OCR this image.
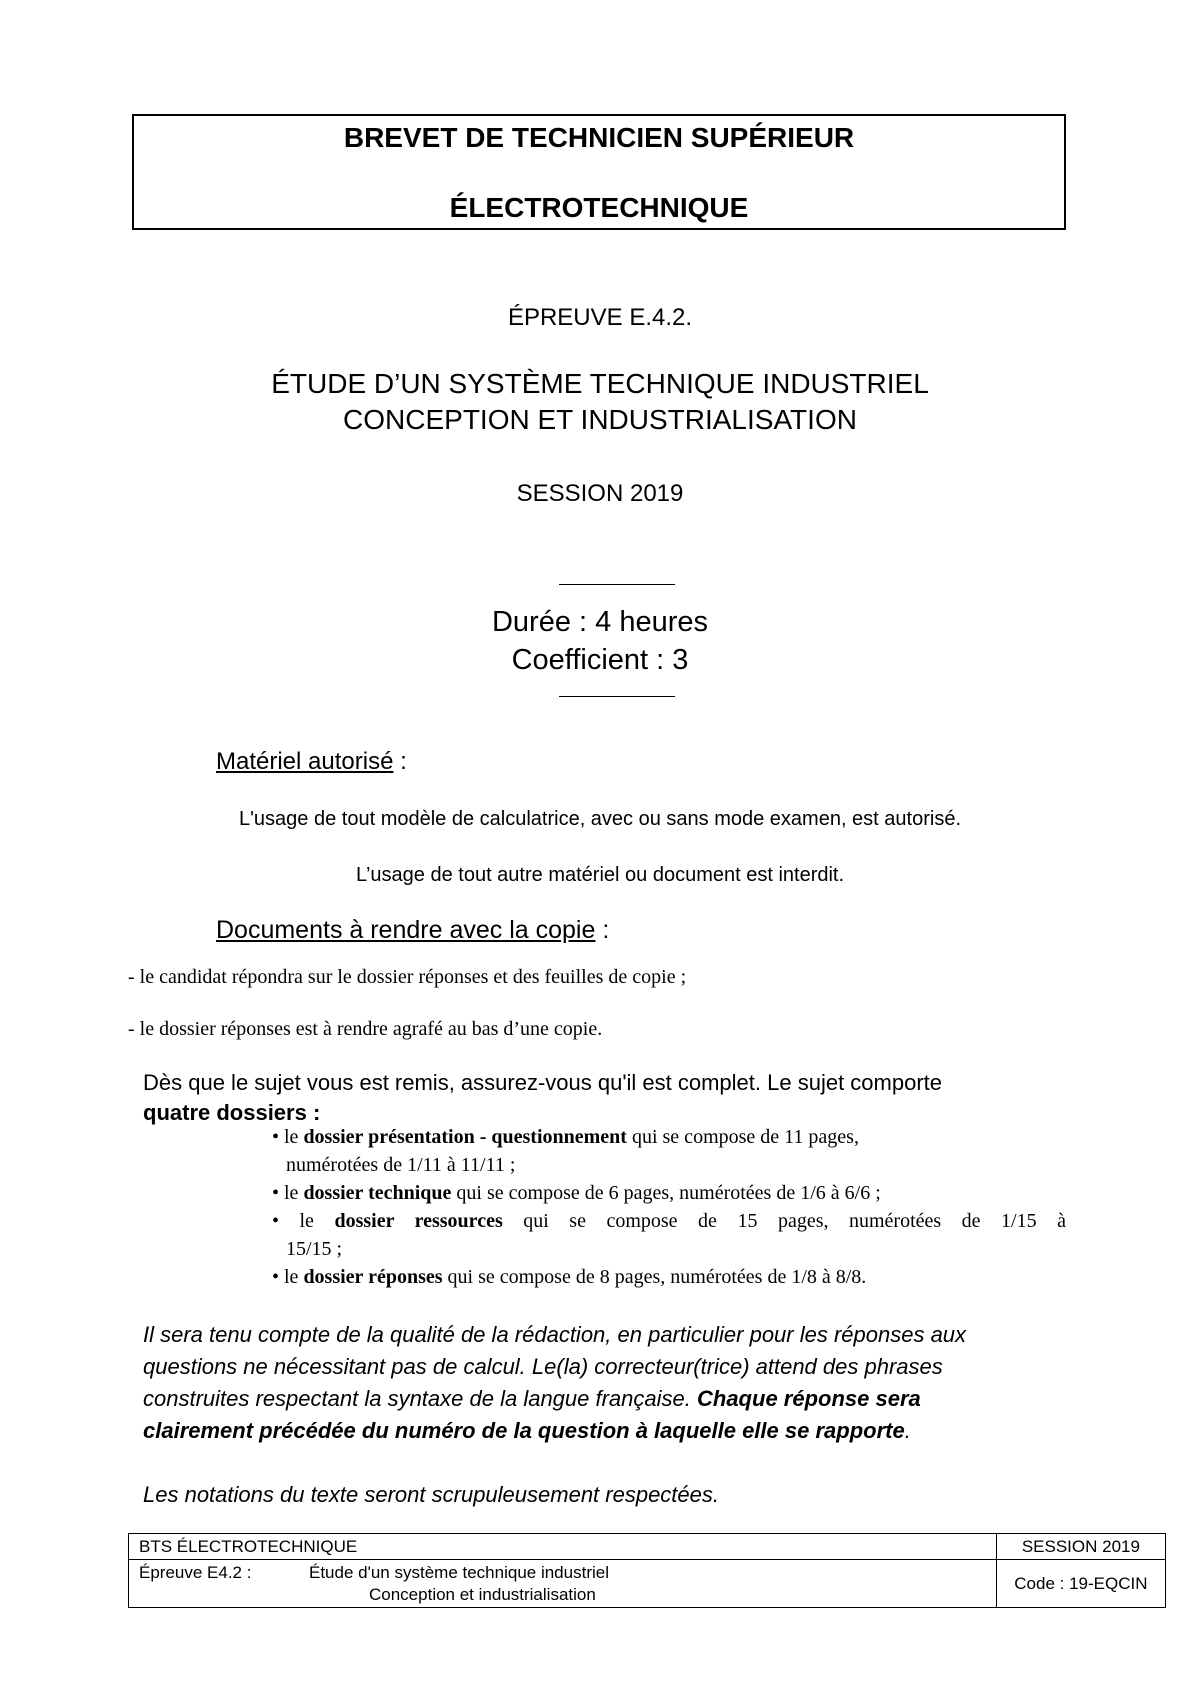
BREVET DE TECHNICIEN SUPÉRIEUR
ÉLECTROTECHNIQUE
ÉPREUVE E.4.2.
ÉTUDE D’UN SYSTÈME TECHNIQUE INDUSTRIEL
CONCEPTION ET INDUSTRIALISATION
SESSION 2019
Durée : 4 heures
Coefficient : 3
Matériel autorisé :
L'usage de tout modèle de calculatrice, avec ou sans mode examen, est autorisé.
L’usage de tout autre matériel ou document est interdit.
Documents à rendre avec la copie :
- le candidat répondra sur le dossier réponses et des feuilles de copie ;
- le dossier réponses est à rendre agrafé au bas d’une copie.
Dès que le sujet vous est remis, assurez-vous qu'il est complet. Le sujet comporte
quatre dossiers :
• le dossier présentation - questionnement qui se compose de 11 pages,
numérotées de 1/11 à 11/11 ;
• le dossier technique qui se compose de 6 pages, numérotées de 1/6 à 6/6 ;
• le dossier ressources qui se compose de 15 pages, numérotées de 1/15 à
15/15 ;
• le dossier réponses qui se compose de 8 pages, numérotées de 1/8 à 8/8.
Il sera tenu compte de la qualité de la rédaction, en particulier pour les réponses aux
questions ne nécessitant pas de calcul. Le(la) correcteur(trice) attend des phrases
construites respectant la syntaxe de la langue française. Chaque réponse sera
clairement précédée du numéro de la question à laquelle elle se rapporte.
Les notations du texte seront scrupuleusement respectées.
BTS ÉLECTROTECHNIQUE	SESSION 2019

Épreuve E4.2 : Étude d'un système technique industriel
Conception et industrialisation	Code : 19-EQCIN
